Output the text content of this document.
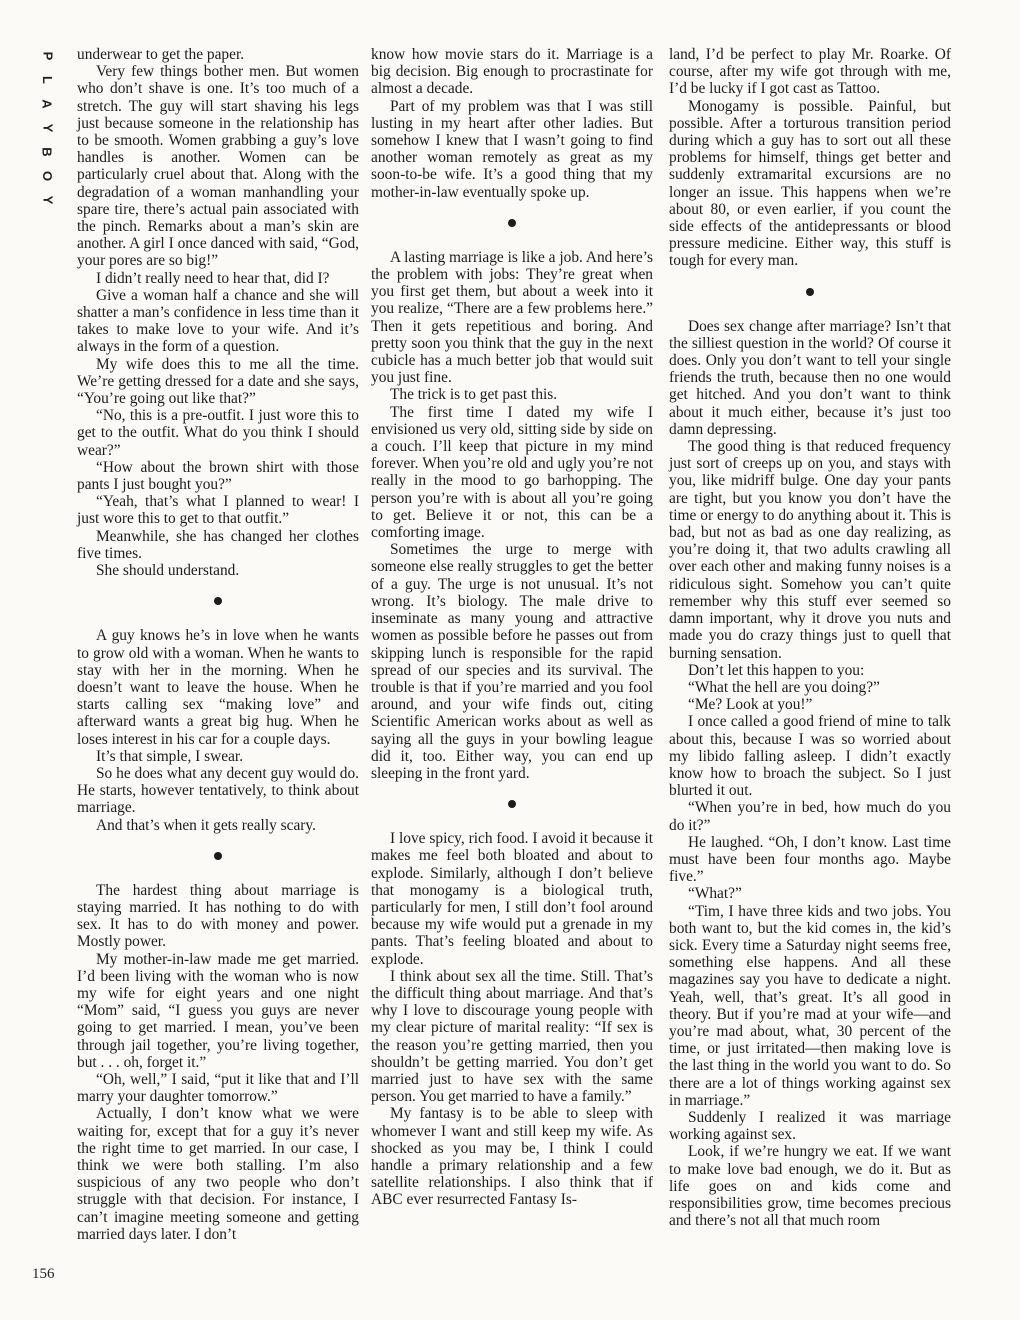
P
L
A
Y
B
O
Y

underwear to get the paper.

Very few things bother men. But women who don’t shave is one. It’s too much of a stretch. The guy will start shaving his legs just because someone in the relationship has to be smooth. Women grabbing a guy’s love handles is another. Women can be particularly cruel about that. Along with the degradation of a woman manhandling your spare tire, there’s actual pain associated with the pinch. Remarks about a man’s skin are another. A girl I once danced with said, “God, your pores are so big!”

I didn’t really need to hear that, did I?

Give a woman half a chance and she will shatter a man’s confidence in less time than it takes to make love to your wife. And it’s always in the form of a question.

My wife does this to me all the time. We’re getting dressed for a date and she says, “You’re going out like that?”

“No, this is a pre-outfit. I just wore this to get to the outfit. What do you think I should wear?”

“How about the brown shirt with those pants I just bought you?”

“Yeah, that’s what I planned to wear! I just wore this to get to that outfit.”

Meanwhile, she has changed her clothes five times.

She should understand.

A guy knows he’s in love when he wants to grow old with a woman. When he wants to stay with her in the morning. When he doesn’t want to leave the house. When he starts calling sex “making love” and afterward wants a great big hug. When he loses interest in his car for a couple days.

It’s that simple, I swear.

So he does what any decent guy would do. He starts, however tentatively, to think about marriage.

And that’s when it gets really scary.

The hardest thing about marriage is staying married. It has nothing to do with sex. It has to do with money and power. Mostly power.

My mother-in-law made me get married. I’d been living with the woman who is now my wife for eight years and one night “Mom” said, “I guess you guys are never going to get married. I mean, you’ve been through jail together, you’re living together, but . . . oh, forget it.”

“Oh, well,” I said, “put it like that and I’ll marry your daughter tomorrow.”

Actually, I don’t know what we were waiting for, except that for a guy it’s never the right time to get married. In our case, I think we were both stalling. I’m also suspicious of any two people who don’t struggle with that decision. For instance, I can’t imagine meeting someone and getting married days later. I don’t

know how movie stars do it. Marriage is a big decision. Big enough to procrastinate for almost a decade.

Part of my problem was that I was still lusting in my heart after other ladies. But somehow I knew that I wasn’t going to find another woman remotely as great as my soon-to-be wife. It’s a good thing that my mother-in-law eventually spoke up.

A lasting marriage is like a job. And here’s the problem with jobs: They’re great when you first get them, but about a week into it you realize, “There are a few problems here.” Then it gets repetitious and boring. And pretty soon you think that the guy in the next cubicle has a much better job that would suit you just fine.

The trick is to get past this.

The first time I dated my wife I envisioned us very old, sitting side by side on a couch. I’ll keep that picture in my mind forever. When you’re old and ugly you’re not really in the mood to go barhopping. The person you’re with is about all you’re going to get. Believe it or not, this can be a comforting image.

Sometimes the urge to merge with someone else really struggles to get the better of a guy. The urge is not unusual. It’s not wrong. It’s biology. The male drive to inseminate as many young and attractive women as possible before he passes out from skipping lunch is responsible for the rapid spread of our species and its survival. The trouble is that if you’re married and you fool around, and your wife finds out, citing Scientific American works about as well as saying all the guys in your bowling league did it, too. Either way, you can end up sleeping in the front yard.

I love spicy, rich food. I avoid it because it makes me feel both bloated and about to explode. Similarly, although I don’t believe that monogamy is a biological truth, particularly for men, I still don’t fool around because my wife would put a grenade in my pants. That’s feeling bloated and about to explode.

I think about sex all the time. Still. That’s the difficult thing about marriage. And that’s why I love to discourage young people with my clear picture of marital reality: “If sex is the reason you’re getting married, then you shouldn’t be getting married. You don’t get married just to have sex with the same person. You get married to have a family.”

My fantasy is to be able to sleep with whomever I want and still keep my wife. As shocked as you may be, I think I could handle a primary relationship and a few satellite relationships. I also think that if ABC ever resurrected Fantasy Is-

land, I’d be perfect to play Mr. Roarke. Of course, after my wife got through with me, I’d be lucky if I got cast as Tattoo.

Monogamy is possible. Painful, but possible. After a torturous transition period during which a guy has to sort out all these problems for himself, things get better and suddenly extramarital excursions are no longer an issue. This happens when we’re about 80, or even earlier, if you count the side effects of the antidepressants or blood pressure medicine. Either way, this stuff is tough for every man.

Does sex change after marriage? Isn’t that the silliest question in the world? Of course it does. Only you don’t want to tell your single friends the truth, because then no one would get hitched. And you don’t want to think about it much either, because it’s just too damn depressing.

The good thing is that reduced frequency just sort of creeps up on you, and stays with you, like midriff bulge. One day your pants are tight, but you know you don’t have the time or energy to do anything about it. This is bad, but not as bad as one day realizing, as you’re doing it, that two adults crawling all over each other and making funny noises is a ridiculous sight. Somehow you can’t quite remember why this stuff ever seemed so damn important, why it drove you nuts and made you do crazy things just to quell that burning sensation.

Don’t let this happen to you:

“What the hell are you doing?”

“Me? Look at you!”

I once called a good friend of mine to talk about this, because I was so worried about my libido falling asleep. I didn’t exactly know how to broach the subject. So I just blurted it out.

“When you’re in bed, how much do you do it?”

He laughed. “Oh, I don’t know. Last time must have been four months ago. Maybe five.”

“What?”

“Tim, I have three kids and two jobs. You both want to, but the kid comes in, the kid’s sick. Every time a Saturday night seems free, something else happens. And all these magazines say you have to dedicate a night. Yeah, well, that’s great. It’s all good in theory. But if you’re mad at your wife—and you’re mad about, what, 30 percent of the time, or just irritated—then making love is the last thing in the world you want to do. So there are a lot of things working against sex in marriage.”

Suddenly I realized it was marriage working against sex.

Look, if we’re hungry we eat. If we want to make love bad enough, we do it. But as life goes on and kids come and responsibilities grow, time becomes precious and there’s not all that much room

156
